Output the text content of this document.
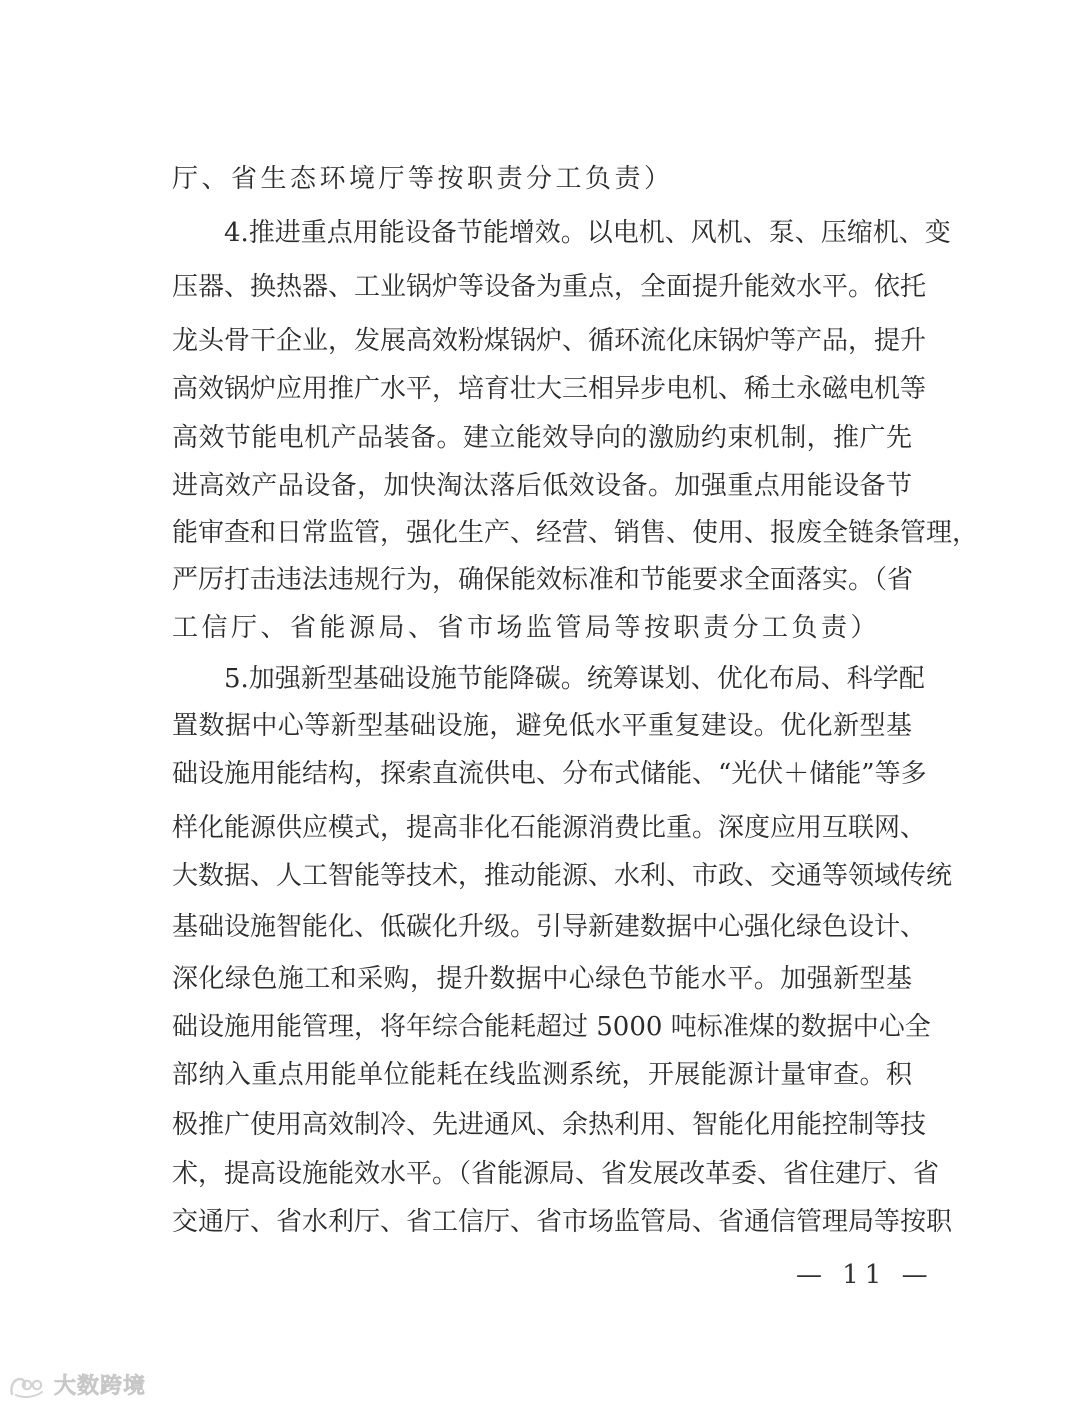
厅、省生态环境厅等按职责分工负责）
4.推进重点用能设备节能增效。以电机、风机、泵、压缩机、变
压器、换热器、工业锅炉等设备为重点，全面提升能效水平。依托
龙头骨干企业，发展高效粉煤锅炉、循环流化床锅炉等产品，提升
高效锅炉应用推广水平，培育壮大三相异步电机、稀土永磁电机等
高效节能电机产品装备。建立能效导向的激励约束机制，推广先
进高效产品设备，加快淘汰落后低效设备。加强重点用能设备节
能审查和日常监管，强化生产、经营、销售、使用、报废全链条管理，
严厉打击违法违规行为，确保能效标准和节能要求全面落实。（省
工信厅、省能源局、省市场监管局等按职责分工负责）
5.加强新型基础设施节能降碳。统筹谋划、优化布局、科学配
置数据中心等新型基础设施，避免低水平重复建设。优化新型基
础设施用能结构，探索直流供电、分布式储能、“光伏＋储能”等多
样化能源供应模式，提高非化石能源消费比重。深度应用互联网、
大数据、人工智能等技术，推动能源、水利、市政、交通等领域传统
基础设施智能化、低碳化升级。引导新建数据中心强化绿色设计、
深化绿色施工和采购，提升数据中心绿色节能水平。加强新型基
础设施用能管理，将年综合能耗超过 5000 吨标准煤的数据中心全
部纳入重点用能单位能耗在线监测系统，开展能源计量审查。积
极推广使用高效制冷、先进通风、余热利用、智能化用能控制等技
术，提高设施能效水平。（省能源局、省发展改革委、省住建厅、省
交通厅、省水利厅、省工信厅、省市场监管局、省通信管理局等按职
— 11 —
大数跨境
